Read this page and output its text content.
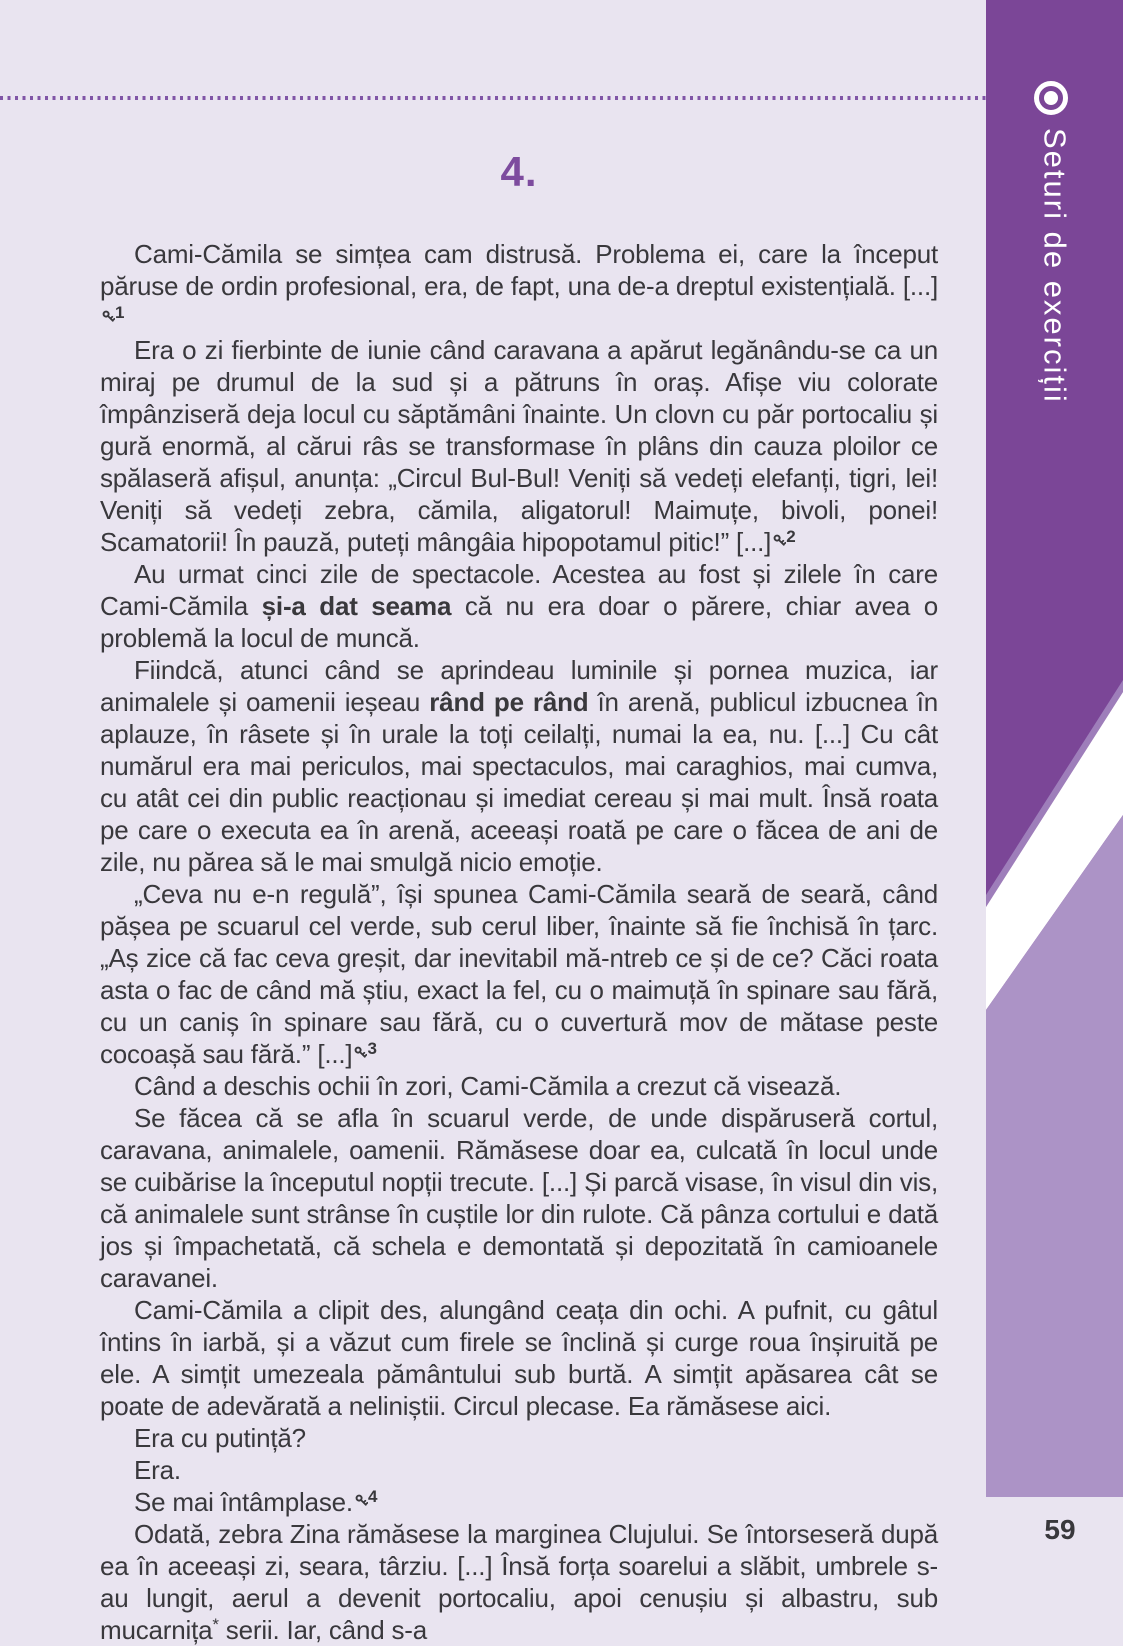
4.

Cami-Cămila se simțea cam distrusă. Problema ei, care la început păruse de ordin profesional, era, de fapt, una de-a dreptul existențială. [...]$^1$

Era o zi fierbinte de iunie când caravana a apărut legănându-se ca un miraj pe drumul de la sud și a pătruns în oraș. Afișe viu colorate împânziseră deja locul cu săptămâni înainte. Un clovn cu păr portocaliu și gură enormă, al cărui râs se transformase în plâns din cauza ploilor ce spălaseră afișul, anunța: „Circul Bul-Bul! Veniți să vedeți elefanți, tigri, lei! Veniți să vedeți zebra, cămila, aligatorul! Maimuțe, bivoli, ponei! Scamatorii! În pauză, puteți mângâia hipopotamul pitic!” [...] $^2$

Au urmat cinci zile de spectacole. Acestea au fost și zilele în care Cami-Cămila și-a dat seama că nu era doar o părere, chiar avea o problemă la locul de muncă.

Fiindcă, atunci când se aprindeau luminile și pornea muzica, iar animalele și oamenii ieșeau rând pe rând în arenă, publicul izbucnea în aplauze, în râsete și în urale la toți ceilalți, numai la ea, nu. [...] Cu cât numărul era mai periculos, mai spectaculos, mai caraghios, mai cumva, cu atât cei din public reacționau și imediat cereau și mai mult. Însă roata pe care o executa ea în arenă, aceeași roată pe care o făcea de ani de zile, nu părea să le mai smulgă nicio emoție.

„Ceva nu e-n regulă”, își spunea Cami-Cămila seară de seară, când pășea pe scuarul cel verde, sub cerul liber, înainte să fie închisă în țarc. „Aș zice că fac ceva greșit, dar inevitabil mă-ntreb ce și de ce? Căci roata asta o fac de când mă știu, exact la fel, cu o maimuță în spinare sau fără, cu un caniș în spinare sau fără, cu o cuvertură mov de mătase peste cocoașă sau fără.” [...] $^3$

Când a deschis ochii în zori, Cami-Cămila a crezut că visează.

Se făcea că se afla în scuarul verde, de unde dispăruseră cortul, caravana, animalele, oamenii. Rămăsese doar ea, culcată în locul unde se cuibărise la începutul nopții trecute. [...] Și parcă visase, în visul din vis, că animalele sunt strânse în cuștile lor din rulote. Că pânza cortului e dată jos și împachetată, că schela e demontată și depozitată în camioanele caravanei.

Cami-Cămila a clipit des, alungând ceața din ochi. A pufnit, cu gâtul întins în iarbă, și a văzut cum firele se înclină și curge roua înșiruită pe ele. A simțit umezeala pământului sub burtă. A simțit apăsarea cât se poate de adevărată a neliniștii. Circul plecase. Ea rămăsese aici.

Era cu putință?

Era.

Se mai întâmplase. $^4$

Odată, zebra Zina rămăsese la marginea Clujului. Se întorseseră după ea în aceeași zi, seara, târziu. [...] Însă forța soarelui a slăbit, umbrele s-au lungit, aerul a devenit portocaliu, apoi cenușiu și albastru, sub mucarnița* serii. Iar, când s-a

Seturi de exerciții
59
